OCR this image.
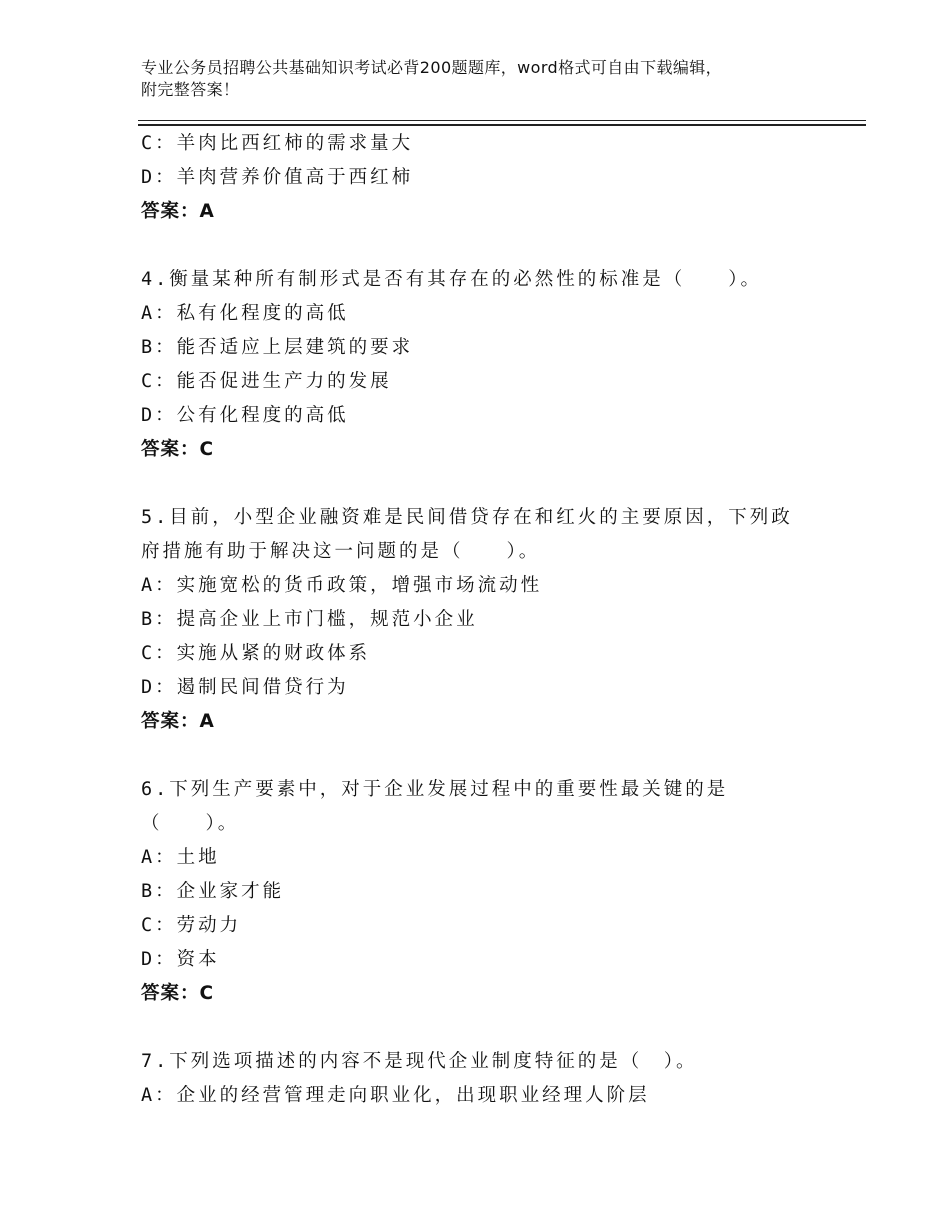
专业公务员招聘公共基础知识考试必背200题题库，word格式可自由下载编辑，
附完整答案！
C：羊肉比西红柿的需求量大
D：羊肉营养价值高于西红柿
答案：A
4.衡量某种所有制形式是否有其存在的必然性的标准是（　　）。
A：私有化程度的高低
B：能否适应上层建筑的要求
C：能否促进生产力的发展
D：公有化程度的高低
答案：C
5.目前，小型企业融资难是民间借贷存在和红火的主要原因，下列政
府措施有助于解决这一问题的是（　　）。
A：实施宽松的货币政策，增强市场流动性
B：提高企业上市门槛，规范小企业
C：实施从紧的财政体系
D：遏制民间借贷行为
答案：A
6.下列生产要素中，对于企业发展过程中的重要性最关键的是
（　　）。
A：土地
B：企业家才能
C：劳动力
D：资本
答案：C
7.下列选项描述的内容不是现代企业制度特征的是（　）。
A：企业的经营管理走向职业化，出现职业经理人阶层
